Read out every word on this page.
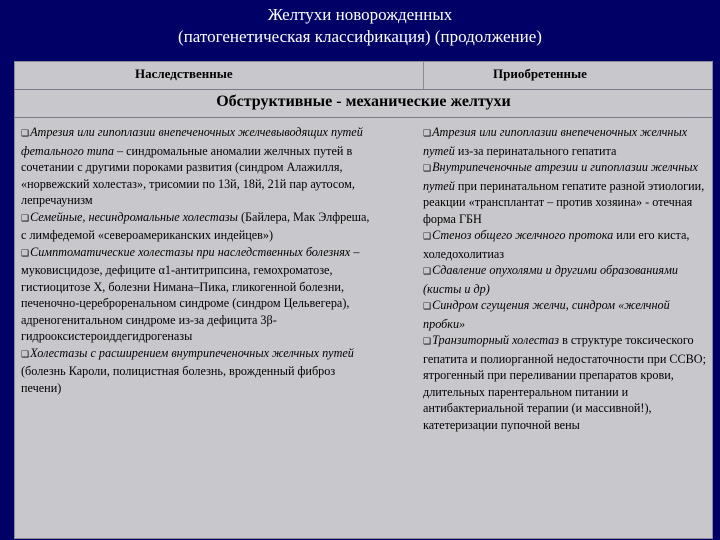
Желтухи новорожденных
(патогенетическая классификация) (продолжение)
Наследственные	Приобретенные
Обструктивные - механические желтухи

❑Атрезия или гипоплазии внепеченочных желчевыводящих путей фетального типа – синдромальные аномалии желчных путей в сочетании с другими пороками развития (синдром Алажилля, «норвежский холестаз», трисомии по 13й, 18й, 21й пар аутосом, лепречаунизм

❑Семейные, несиндромальные холестазы (Байлера, Мак Элфреша, с лимфедемой «североамериканских индейцев»)

❑Симптоматические холестазы при наследственных болезнях – муковисцидозе, дефиците α1-антитрипсина, гемохроматозе, гистиоцитозе Х, болезни Нимана–Пика, гликогенной болезни, печеночно-цереброренальном синдроме (синдром Цельвегера), адреногенитальном синдроме из-за дефицита 3β-гидрооксистероиддегидрогеназы

❑Холестазы с расширением внутрипеченочных желчных путей (болезнь Кароли, полицистная болезнь, врожденный фиброз печени)

❑Атрезия или гипоплазии внепеченочных желчных путей из-за перинатального гепатита

❑Внутрипеченочные атрезии и гипоплазии желчных путей при перинатальном гепатите разной этиологии, реакции «трансплантат – против хозяина» - отечная форма ГБН

❑Стеноз общего желчного протока или его киста, холедохолитиаз

❑Сдавление опухолями и другими образованиями (кисты и др)

❑Синдром сгущения желчи, синдром «желчной пробки»

❑Транзиторный холестаз в структуре токсического гепатита и полиорганной недостаточности при ССВО; ятрогенный при переливании препаратов крови, длительных парентеральном питании и антибактериальной терапии (и массивной!), катетеризации пупочной вены
